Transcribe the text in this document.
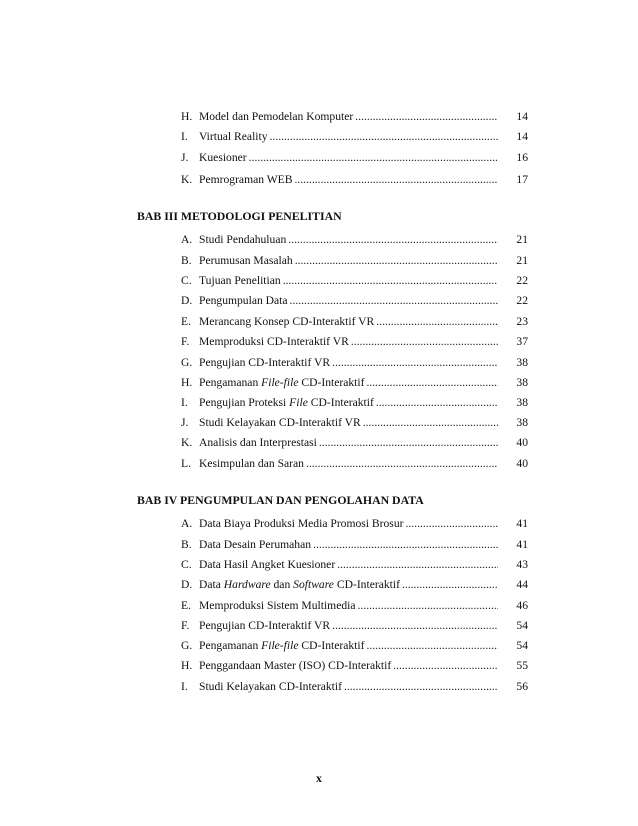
H. Model dan Pemodelan Komputer .....	14
I. Virtual Reality .....	14
J. Kuesioner .....	16
K. Pemrograman WEB .....	17
BAB III METODOLOGI PENELITIAN
A. Studi Pendahuluan .....	21
B. Perumusan Masalah .....	21
C. Tujuan Penelitian .....	22
D. Pengumpulan Data .....	22
E. Merancang Konsep CD-Interaktif VR .....	23
F. Memproduksi CD-Interaktif VR .....	37
G. Pengujian CD-Interaktif VR .....	38
H. Pengamanan File-file CD-Interaktif .....	38
I. Pengujian Proteksi File CD-Interaktif .....	38
J. Studi Kelayakan CD-Interaktif VR .....	38
K. Analisis dan Interprestasi .....	40
L. Kesimpulan dan Saran .....	40
BAB IV PENGUMPULAN DAN PENGOLAHAN DATA
A. Data Biaya Produksi Media Promosi Brosur .....	41
B. Data Desain Perumahan .....	41
C. Data Hasil Angket Kuesioner .....	43
D. Data Hardware dan Software CD-Interaktif .....	44
E. Memproduksi Sistem Multimedia .....	46
F. Pengujian CD-Interaktif VR .....	54
G. Pengamanan File-file CD-Interaktif .....	54
H. Penggandaan Master (ISO) CD-Interaktif .....	55
I. Studi Kelayakan CD-Interaktif .....	56
x
